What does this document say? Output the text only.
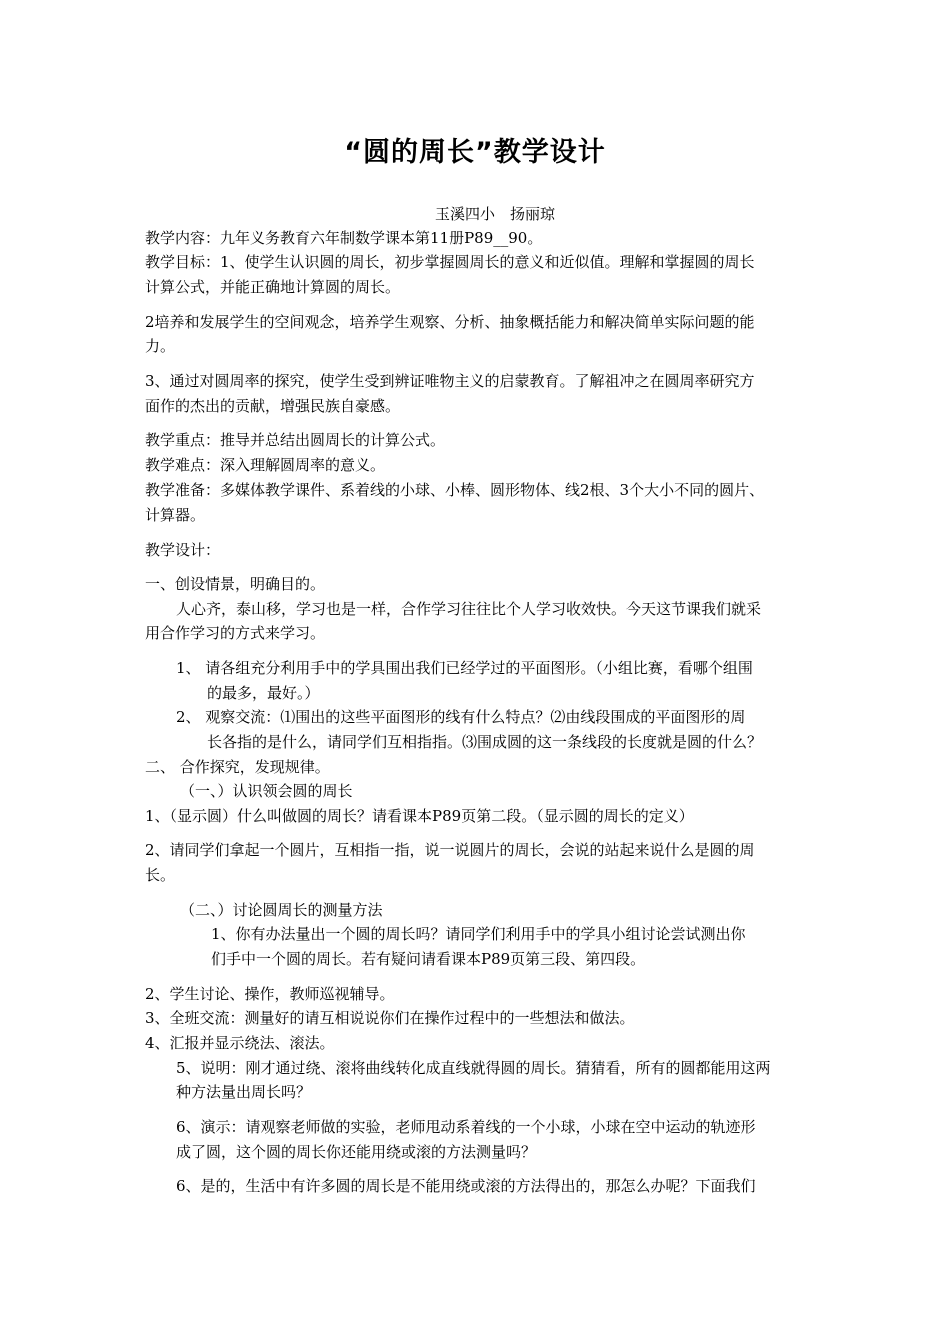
“圆的周长”教学设计
玉溪四小　扬丽琼
教学内容：九年义务教育六年制数学课本第11册P89__90。
教学目标：1、使学生认识圆的周长，初步掌握圆周长的意义和近似值。理解和掌握圆的周长
计算公式，并能正确地计算圆的周长。
2培养和发展学生的空间观念，培养学生观察、分析、抽象概括能力和解决简单实际问题的能
力。
3、通过对圆周率的探究，使学生受到辨证唯物主义的启蒙教育。了解祖冲之在圆周率研究方
面作的杰出的贡献，增强民族自豪感。
教学重点：推导并总结出圆周长的计算公式。
教学难点：深入理解圆周率的意义。
教学准备：多媒体教学课件、系着线的小球、小棒、圆形物体、线2根、3个大小不同的圆片、
计算器。
教学设计：
一、创设情景，明确目的。
人心齐，泰山移，学习也是一样，合作学习往往比个人学习收效快。今天这节课我们就采
用合作学习的方式来学习。
1、 请各组充分利用手中的学具围出我们已经学过的平面图形。（小组比赛，看哪个组围
的最多，最好。）
2、 观察交流：⑴围出的这些平面图形的线有什么特点？⑵由线段围成的平面图形的周
长各指的是什么，请同学们互相指指。⑶围成圆的这一条线段的长度就是圆的什么？
二、 合作探究，发现规律。
（一、）认识领会圆的周长
1、（显示圆）什么叫做圆的周长？请看课本P89页第二段。（显示圆的周长的定义）
2、请同学们拿起一个圆片，互相指一指，说一说圆片的周长，会说的站起来说什么是圆的周
长。
（二、）讨论圆周长的测量方法
1、你有办法量出一个圆的周长吗？请同学们利用手中的学具小组讨论尝试测出你
们手中一个圆的周长。若有疑问请看课本P89页第三段、第四段。
2、学生讨论、操作，教师巡视辅导。
3、全班交流：测量好的请互相说说你们在操作过程中的一些想法和做法。
4、汇报并显示绕法、滚法。
5、说明：刚才通过绕、滚将曲线转化成直线就得圆的周长。猜猜看，所有的圆都能用这两
种方法量出周长吗？
6、演示：请观察老师做的实验，老师甩动系着线的一个小球，小球在空中运动的轨迹形
成了圆，这个圆的周长你还能用绕或滚的方法测量吗？
6、是的，生活中有许多圆的周长是不能用绕或滚的方法得出的，那怎么办呢？下面我们
